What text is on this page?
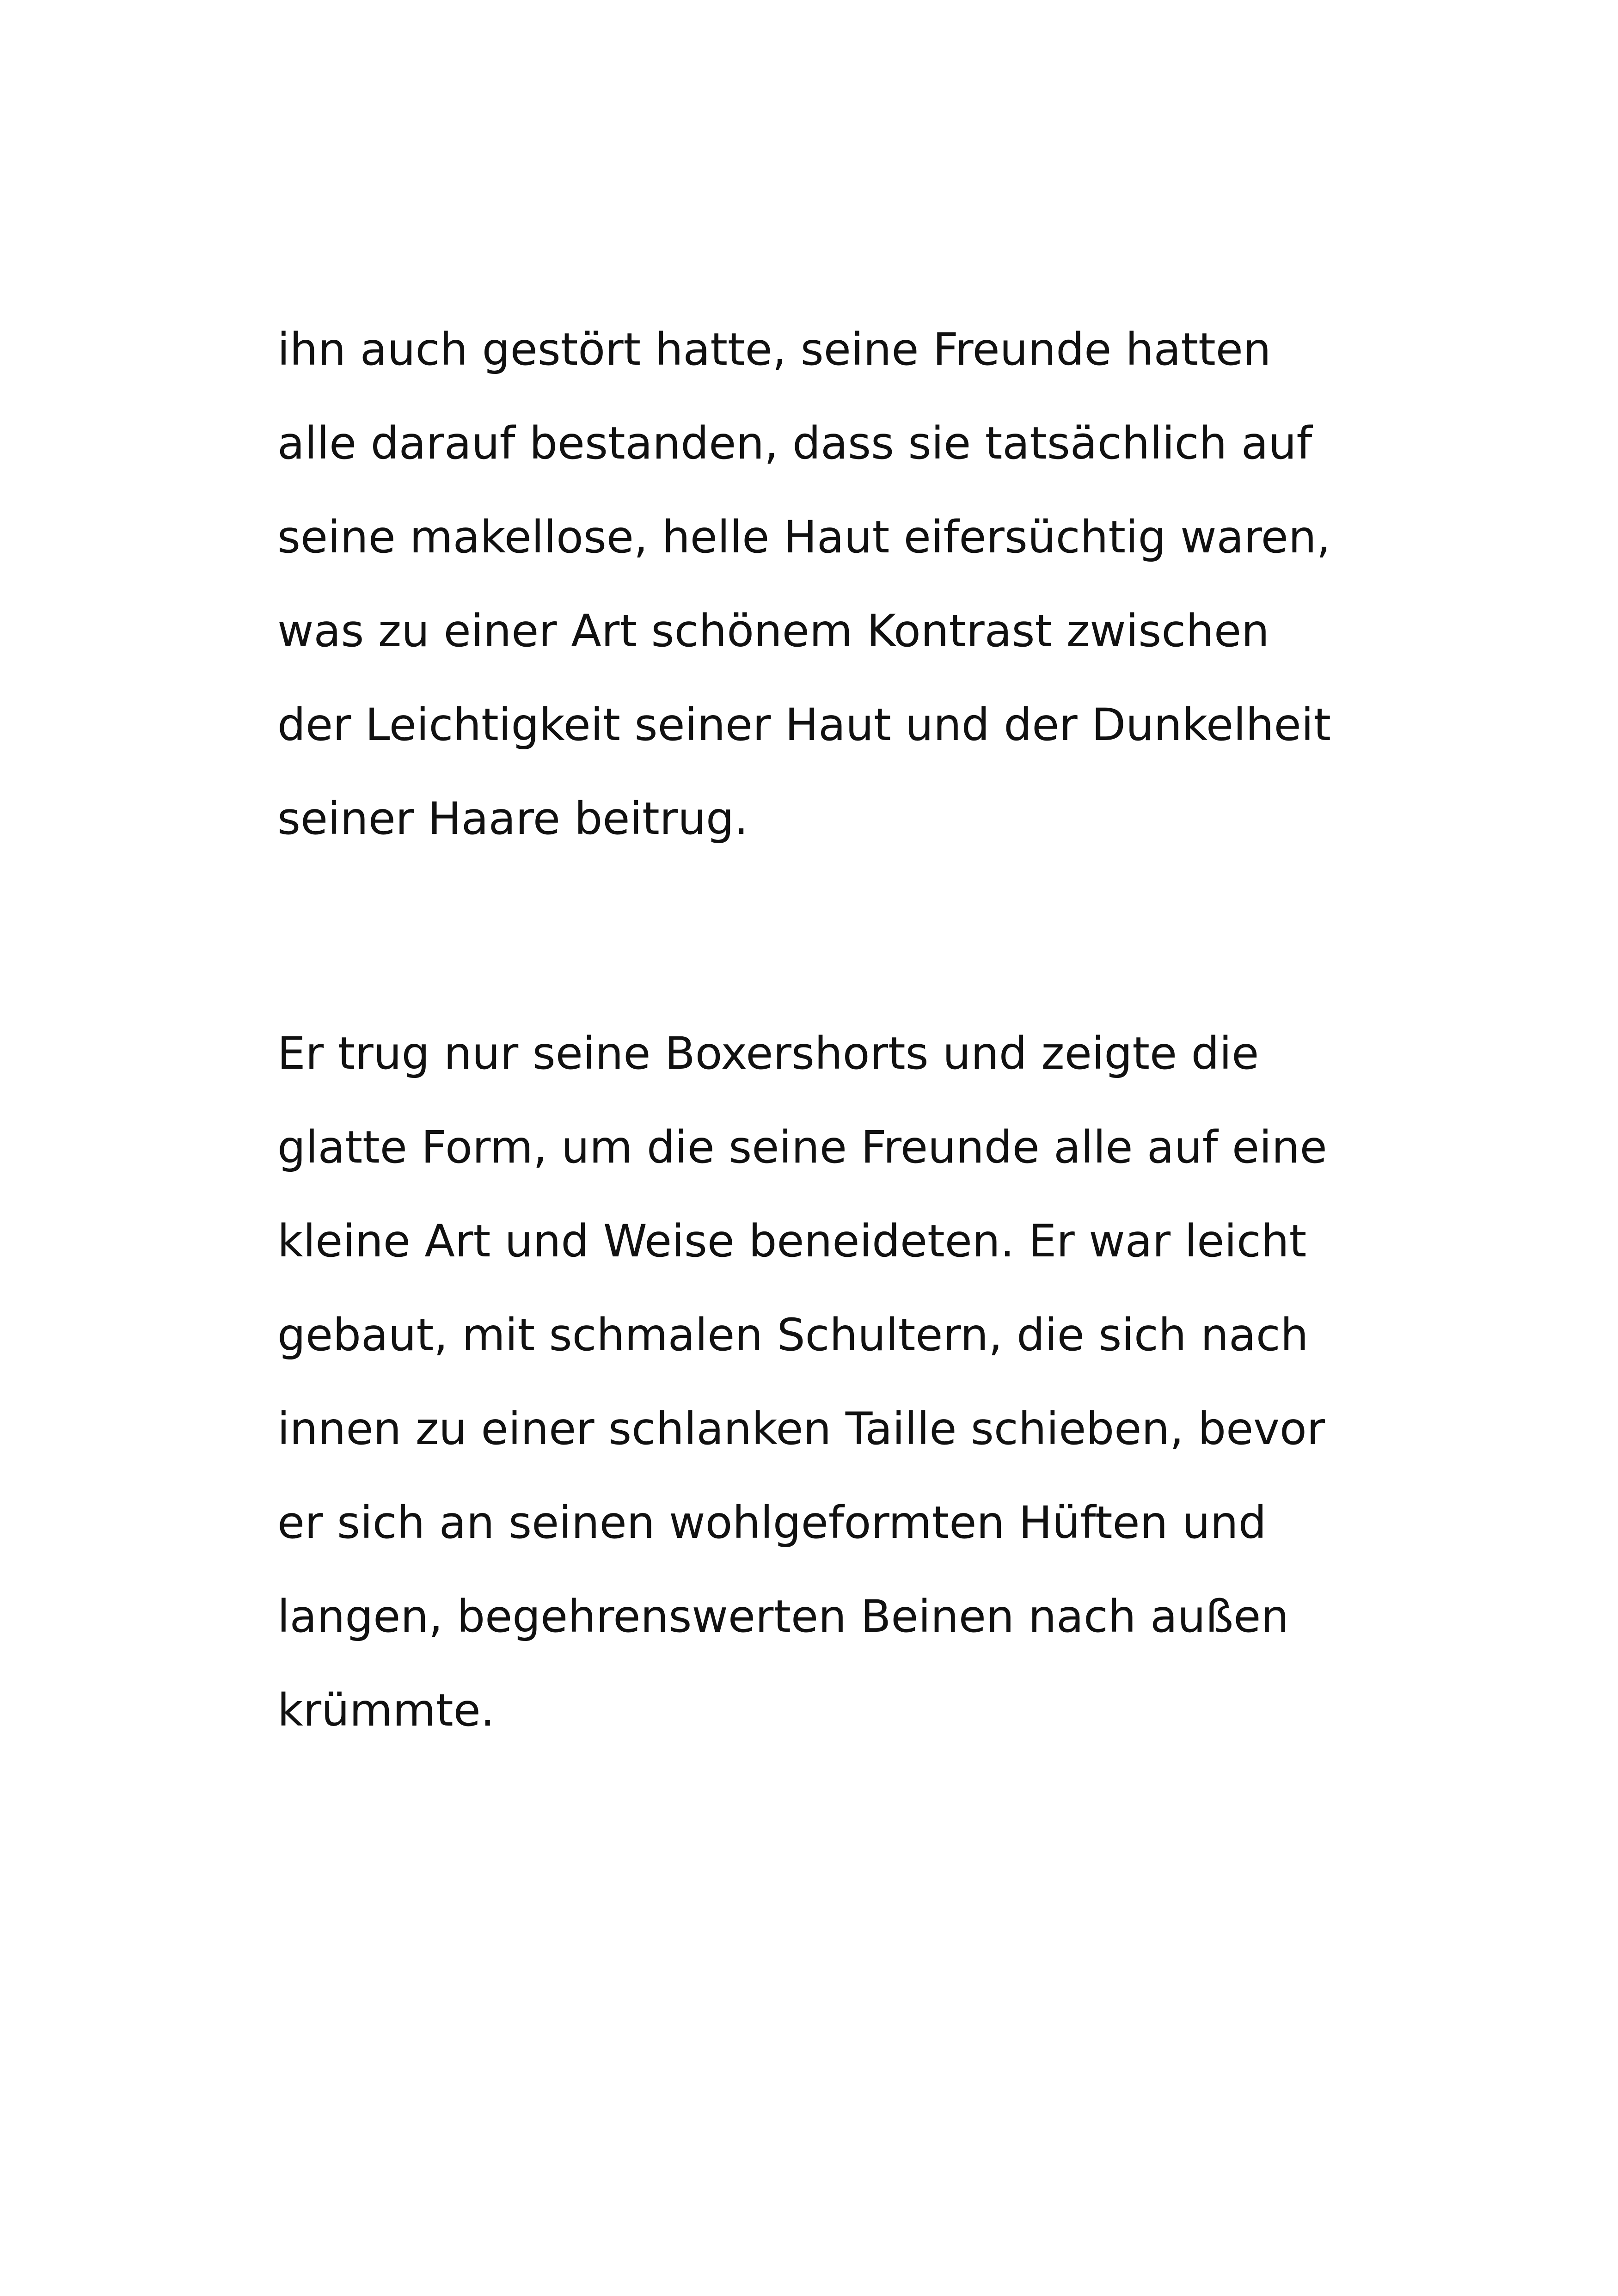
ihn auch gestört hatte, seine Freunde hatten
alle darauf bestanden, dass sie tatsächlich auf
seine makellose, helle Haut eifersüchtig waren,
was zu einer Art schönem Kontrast zwischen
der Leichtigkeit seiner Haut und der Dunkelheit
seiner Haare beitrug.

Er trug nur seine Boxershorts und zeigte die
glatte Form, um die seine Freunde alle auf eine
kleine Art und Weise beneideten. Er war leicht
gebaut, mit schmalen Schultern, die sich nach
innen zu einer schlanken Taille schieben, bevor
er sich an seinen wohlgeformten Hüften und
langen, begehrenswerten Beinen nach außen
krümmte.
